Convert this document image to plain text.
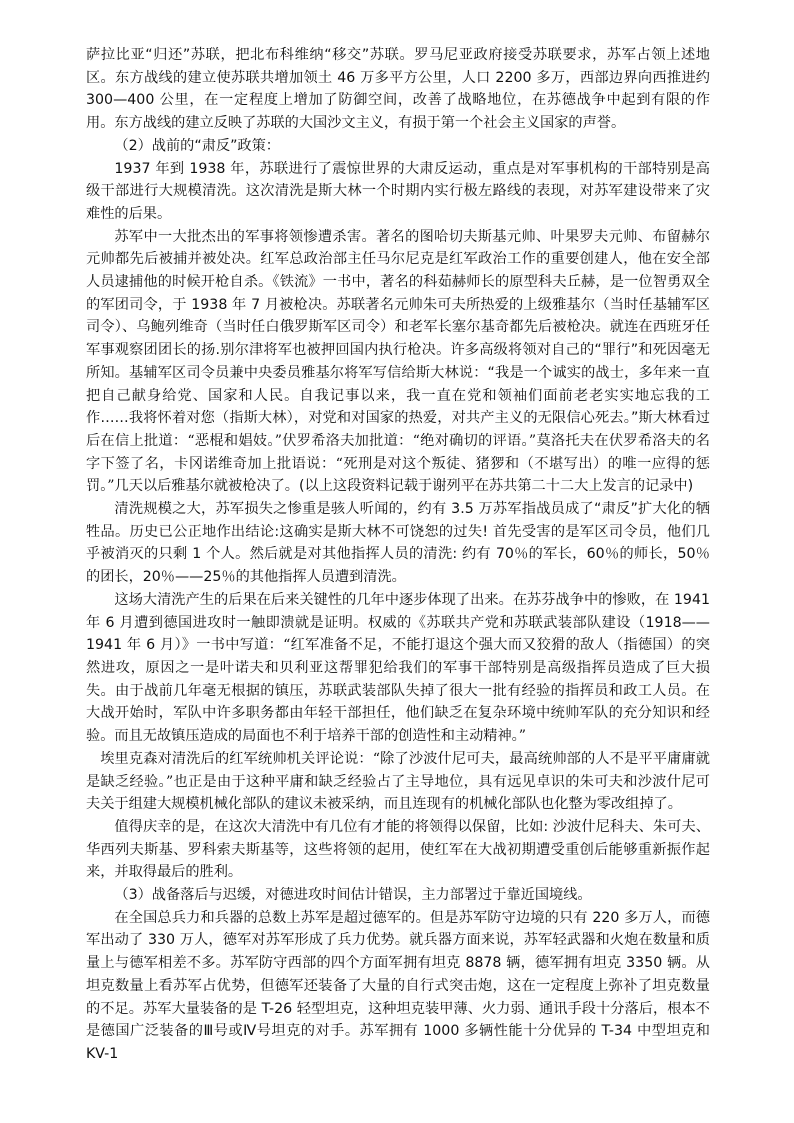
萨拉比亚“归还”苏联，把北布科维纳“移交”苏联。罗马尼亚政府接受苏联要求，苏军占领上述地区。东方战线的建立使苏联共增加领土 46 万多平方公里，人口 2200 多万，西部边界向西推进约 300—400 公里，在一定程度上增加了防御空间，改善了战略地位，在苏德战争中起到有限的作用。东方战线的建立反映了苏联的大国沙文主义，有损于第一个社会主义国家的声誉。

（2）战前的“肃反”政策：

1937 年到 1938 年，苏联进行了震惊世界的大肃反运动，重点是对军事机构的干部特别是高级干部进行大规模清洗。这次清洗是斯大林一个时期内实行极左路线的表现，对苏军建设带来了灾难性的后果。

苏军中一大批杰出的军事将领惨遭杀害。著名的图哈切夫斯基元帅、叶果罗夫元帅、布留赫尔元帅都先后被捕并被处决。红军总政治部主任马尔尼克是红军政治工作的重要创建人，他在安全部人员逮捕他的时候开枪自杀。《铁流》一书中，著名的科茹赫师长的原型科夫丘赫，是一位智勇双全的军团司令，于 1938 年 7 月被枪决。苏联著名元帅朱可夫所热爱的上级雅基尔（当时任基辅军区司令）、乌鲍列维奇（当时任白俄罗斯军区司令）和老军长塞尔基奇都先后被枪决。就连在西班牙任军事观察团团长的扬.别尔津将军也被押回国内执行枪决。许多高级将领对自己的“罪行”和死因毫无所知。基辅军区司令员兼中央委员雅基尔将军写信给斯大林说：“我是一个诚实的战士，多年来一直把自己献身给党、国家和人民。自我记事以来，我一直在党和领袖们面前老老实实地忘我的工作……我将怀着对您（指斯大林），对党和对国家的热爱，对共产主义的无限信心死去。”斯大林看过后在信上批道：“恶棍和娼妓。”伏罗希洛夫加批道：“绝对确切的评语。”莫洛托夫在伏罗希洛夫的名字下签了名，卡冈诺维奇加上批语说：“死刑是对这个叛徒、猪猡和（不堪写出）的唯一应得的惩罚。”几天以后雅基尔就被枪决了。(以上这段资料记载于谢列平在苏共第二十二大上发言的记录中)

清洗规模之大，苏军损失之惨重是骇人听闻的，约有 3.5 万苏军指战员成了“肃反”扩大化的牺牲品。历史已公正地作出结论:这确实是斯大林不可饶恕的过失! 首先受害的是军区司令员，他们几乎被消灭的只剩 1 个人。然后就是对其他指挥人员的清洗: 约有 70％的军长，60％的师长，50％的团长，20％——25％的其他指挥人员遭到清洗。

这场大清洗产生的后果在后来关键性的几年中逐步体现了出来。在苏芬战争中的惨败，在 1941 年 6 月遭到德国进攻时一触即溃就是证明。权威的《苏联共产党和苏联武装部队建设（1918——1941 年 6 月）》一书中写道：“红军准备不足，不能打退这个强大而又狡猾的敌人（指德国）的突然进攻，原因之一是叶诺夫和贝利亚这帮罪犯给我们的军事干部特别是高级指挥员造成了巨大损失。由于战前几年毫无根据的镇压，苏联武装部队失掉了很大一批有经验的指挥员和政工人员。在大战开始时，军队中许多职务都由年轻干部担任，他们缺乏在复杂环境中统帅军队的充分知识和经验。而且无故镇压造成的局面也不利于培养干部的创造性和主动精神。”

埃里克森对清洗后的红军统帅机关评论说：“除了沙波什尼可夫，最高统帅部的人不是平平庸庸就是缺乏经验。”也正是由于这种平庸和缺乏经验占了主导地位，具有远见卓识的朱可夫和沙波什尼可夫关于组建大规模机械化部队的建议未被采纳，而且连现有的机械化部队也化整为零改组掉了。

值得庆幸的是，在这次大清洗中有几位有才能的将领得以保留，比如: 沙波什尼科夫、朱可夫、华西列夫斯基、罗科索夫斯基等，这些将领的起用，使红军在大战初期遭受重创后能够重新振作起来，并取得最后的胜利。

（3）战备落后与迟缓，对德进攻时间估计错误，主力部署过于靠近国境线。

在全国总兵力和兵器的总数上苏军是超过德军的。但是苏军防守边境的只有 220 多万人，而德军出动了 330 万人，德军对苏军形成了兵力优势。就兵器方面来说，苏军轻武器和火炮在数量和质量上与德军相差不多。苏军防守西部的四个方面军拥有坦克 8878 辆，德军拥有坦克 3350 辆。从坦克数量上看苏军占优势，但德军还装备了大量的自行式突击炮，这在一定程度上弥补了坦克数量的不足。苏军大量装备的是 T-26 轻型坦克，这种坦克装甲薄、火力弱、通讯手段十分落后，根本不是德国广泛装备的Ⅲ号或Ⅳ号坦克的对手。苏军拥有 1000 多辆性能十分优异的 T-34 中型坦克和 KV-1
